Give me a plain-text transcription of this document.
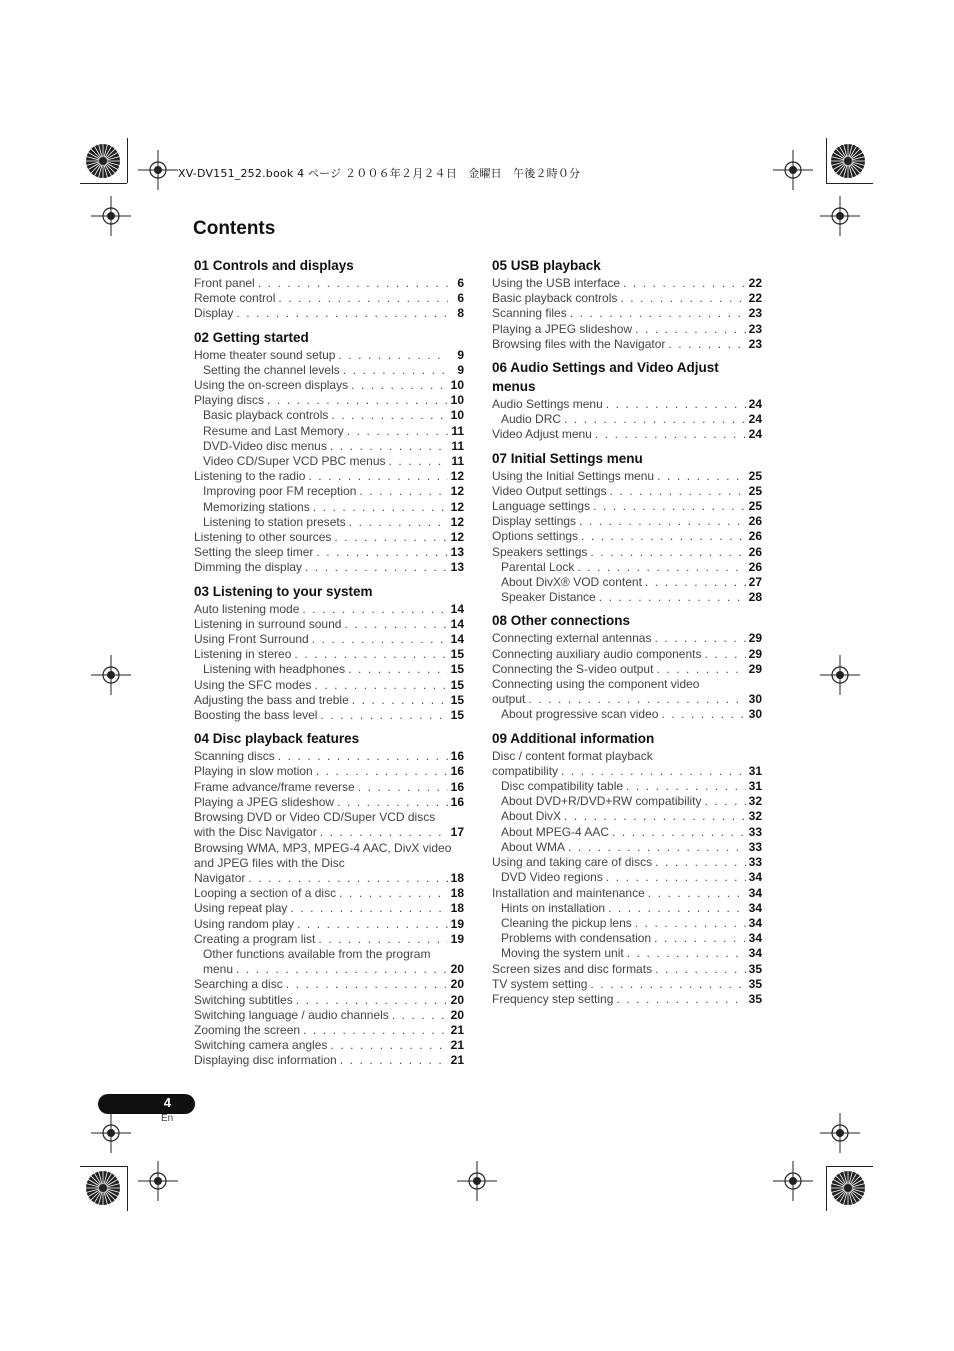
XV-DV151_252.book 4 ページ ２００６年２月２４日　金曜日　午後２時０分
Contents
01 Controls and displays
Front panel . . .	6
Remote control . . .	6
Display . . .	8
02 Getting started
Home theater sound setup . . .	9
Setting the channel levels . . .	9
Using the on-screen displays . . .	10
Playing discs . . .	10
Basic playback controls . . .	10
Resume and Last Memory . . .	11
DVD-Video disc menus . . .	11
Video CD/Super VCD PBC menus . . .	11
Listening to the radio . . .	12
Improving poor FM reception . . .	12
Memorizing stations . . .	12
Listening to station presets . . .	12
Listening to other sources . . .	12
Setting the sleep timer . . .	13
Dimming the display . . .	13
03 Listening to your system
Auto listening mode . . .	14
Listening in surround sound . . .	14
Using Front Surround . . .	14
Listening in stereo . . .	15
Listening with headphones . . .	15
Using the SFC modes . . .	15
Adjusting the bass and treble . . .	15
Boosting the bass level . . .	15
04 Disc playback features
Scanning discs . . .	16
Playing in slow motion . . .	16
Frame advance/frame reverse . . .	16
Playing a JPEG slideshow . . .	16
Browsing DVD or Video CD/Super VCD discs
with the Disc Navigator . . .	17
Browsing WMA, MP3, MPEG-4 AAC, DivX video and JPEG files with the Disc
Navigator . . .	18
Looping a section of a disc . . .	18
Using repeat play . . .	18
Using random play . . .	19
Creating a program list . . .	19
Other functions available from the program
menu . . .	20
Searching a disc . . .	20
Switching subtitles . . .	20
Switching language / audio channels . . .	20
Zooming the screen . . .	21
Switching camera angles . . .	21
Displaying disc information . . .	21
05 USB playback
Using the USB interface . . .	22
Basic playback controls . . .	22
Scanning files . . .	23
Playing a JPEG slideshow . . .	23
Browsing files with the Navigator . . .	23
06 Audio Settings and Video Adjust menus
Audio Settings menu . . .	24
Audio DRC . . .	24
Video Adjust menu . . .	24
07 Initial Settings menu
Using the Initial Settings menu . . .	25
Video Output settings . . .	25
Language settings . . .	25
Display settings . . .	26
Options settings . . .	26
Speakers settings . . .	26
Parental Lock . . .	26
About DivX® VOD content . . .	27
Speaker Distance . . .	28
08 Other connections
Connecting external antennas . . .	29
Connecting auxiliary audio components . . .	29
Connecting the S-video output . . .	29
Connecting using the component video
output . . .	30
About progressive scan video . . .	30
09 Additional information
Disc / content format playback
compatibility . . .	31
Disc compatibility table . . .	31
About DVD+R/DVD+RW compatibility . . .	32
About DivX . . .	32
About MPEG-4 AAC . . .	33
About WMA . . .	33
Using and taking care of discs . . .	33
DVD Video regions . . .	34
Installation and maintenance . . .	34
Hints on installation . . .	34
Cleaning the pickup lens . . .	34
Problems with condensation . . .	34
Moving the system unit . . .	34
Screen sizes and disc formats . . .	35
TV system setting . . .	35
Frequency step setting . . .	35
4
En
